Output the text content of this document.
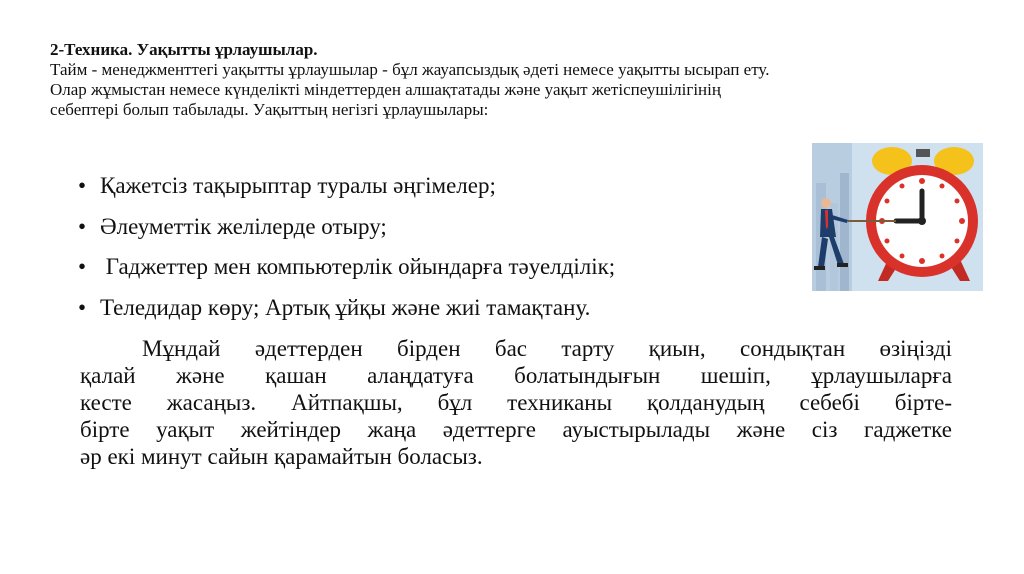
2-Техника. Уақытты ұрлаушылар.
Тайм - менеджменттегі уақытты ұрлаушылар - бұл жауапсыздық әдеті немесе уақытты ысырап ету.
Олар жұмыстан немесе күнделікті міндеттерден алшақтатады және уақыт жетіспеушілігінің
себептері болып табылады. Уақыттың негізгі ұрлаушылары:
• Қажетсіз тақырыптар туралы әңгімелер;
• Әлеуметтік желілерде отыру;
• Гаджеттер мен компьютерлік ойындарға тәуелділік;
• Теледидар көру; Артық ұйқы және жиі тамақтану.
Мұндай әдеттерден бірден бас тарту қиын, сондықтан өзіңізді
қалай және қашан алаңдатуға болатындығын шешіп, ұрлаушыларға
кесте жасаңыз. Айтпақшы, бұл техниканы қолданудың себебі бірте-
бірте уақыт жейтіндер жаңа әдеттерге ауыстырылады және сіз гаджетке
әр екі минут сайын қарамайтын боласыз.
